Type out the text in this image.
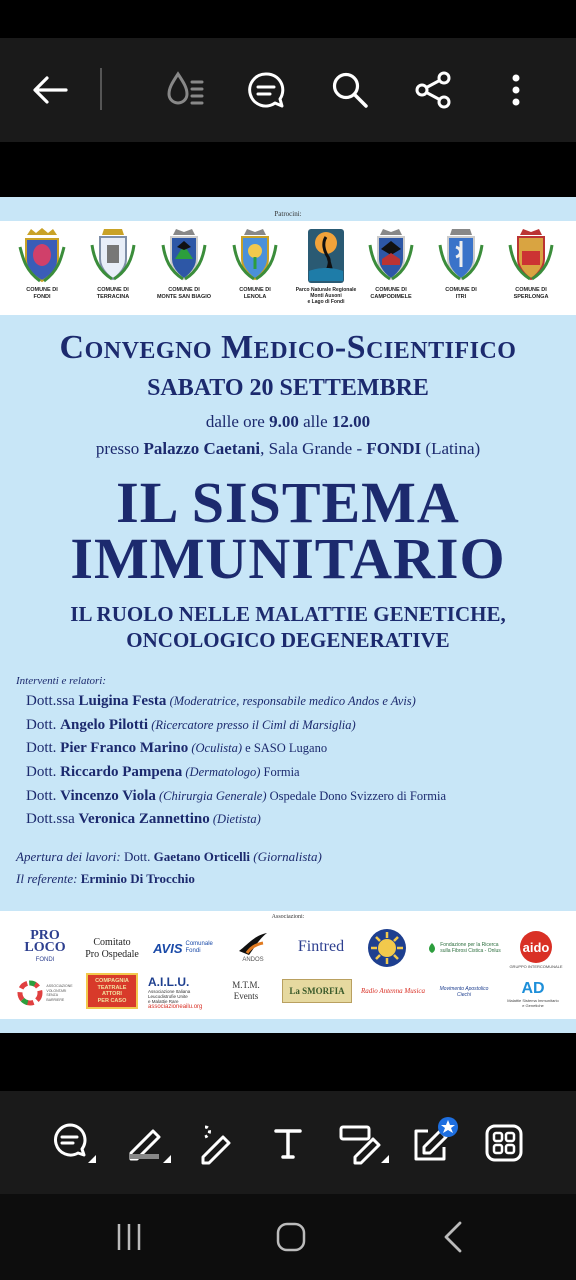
Patrocini:
COMUNE DI
FONDI
COMUNE DI
TERRACINA
COMUNE DI
MONTE SAN BIAGIO
COMUNE DI
LENOLA
Parco Naturale Regionale
Monti Ausoni
e Lago di Fondi
COMUNE DI
CAMPODIMELE
COMUNE DI
ITRI
COMUNE DI
SPERLONGA
Convegno Medico-Scientifico
SABATO 20 SETTEMBRE
dalle ore 9.00 alle 12.00
presso Palazzo Caetani, Sala Grande - FONDI (Latina)
IL SISTEMA
IMMUNITARIO
IL RUOLO NELLE MALATTIE GENETICHE,
ONCOLOGICO DEGENERATIVE
Interventi e relatori:
Dott.ssa Luigina Festa (Moderatrice, responsabile medico Andos e Avis)
Dott. Angelo Pilotti (Ricercatore presso il Ciml di Marsiglia)
Dott. Pier Franco Marino (Oculista) e SASO Lugano
Dott. Riccardo Pampena (Dermatologo) Formia
Dott. Vincenzo Viola (Chirurgia Generale) Ospedale Dono Svizzero di Formia
Dott.ssa Veronica Zannettino (Dietista)
Apertura dei lavori: Dott. Gaetano Orticelli (Giornalista)
Il referente: Erminio Di Trocchio
Associazioni:
PRO LOCO
FONDI
Comitato
Pro Ospedale AVIS Comunale
Fondi
ANDOS
Fintred	Fondazione per la Ricerca
sulla Fibrosi Cistica - Onlus aido
GRUPPO INTERCOMUNALE
ASSOCIAZIONE
VOLONTARI
SENZA
BARRIERE
COMPAGNIA
TEATRALE
ATTORI
PER CASO
A.I.L.U.
Associazione Italiana
Leucodistrofie Unite
e Malattie Rare
associazioneailu.org
M.T.M.
Events	La SMORFIA	Radio Antenna Musica	Movimento Apostolico Ciechi	AD
Malattie Sistema Immunitario
e Genetiche
